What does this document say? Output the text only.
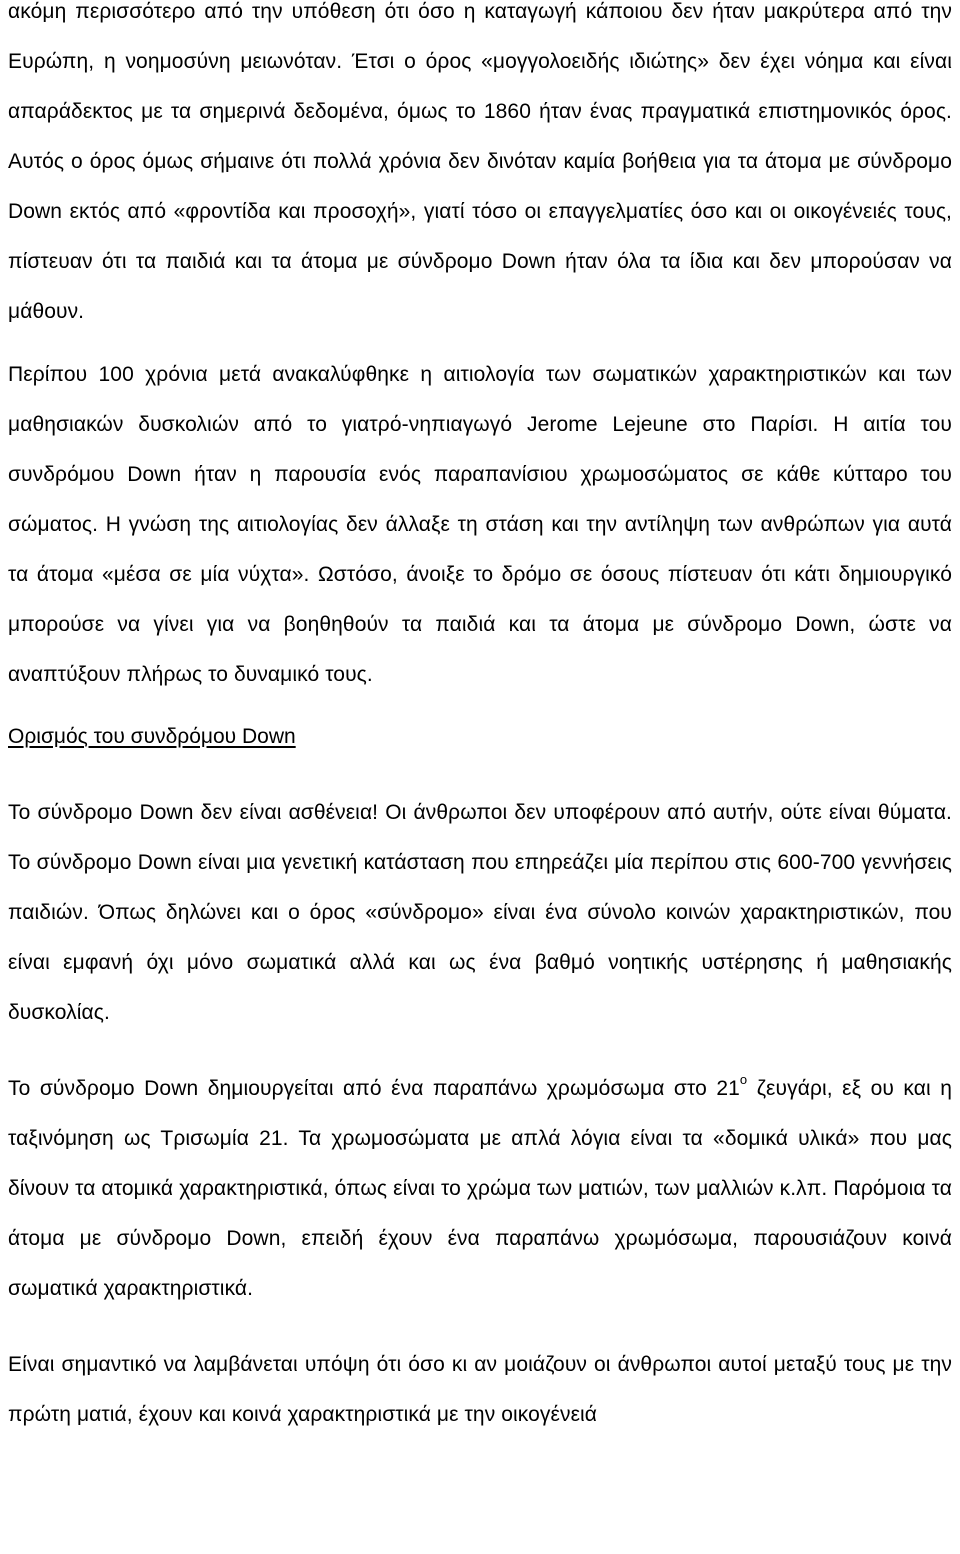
ακόμη περισσότερο από την υπόθεση ότι όσο η καταγωγή κάποιου δεν ήταν μακρύτερα από την Ευρώπη, η νοημοσύνη μειωνόταν. Έτσι ο όρος «μογγολοειδής ιδιώτης» δεν έχει νόημα και είναι απαράδεκτος με τα σημερινά δεδομένα, όμως το 1860 ήταν ένας πραγματικά επιστημονικός όρος. Αυτός ο όρος όμως σήμαινε ότι πολλά χρόνια δεν δινόταν καμία βοήθεια για τα άτομα με σύνδρομο Down εκτός από «φροντίδα και προσοχή», γιατί τόσο οι επαγγελματίες όσο και οι οικογένειές τους, πίστευαν ότι τα παιδιά και τα άτομα με σύνδρομο Down ήταν όλα τα ίδια και δεν μπορούσαν να μάθουν.

Περίπου 100 χρόνια μετά ανακαλύφθηκε η αιτιολογία των σωματικών χαρακτηριστικών και των μαθησιακών δυσκολιών από το γιατρό-νηπιαγωγό Jerome Lejeune στο Παρίσι. Η αιτία του συνδρόμου Down ήταν η παρουσία ενός παραπανίσιου χρωμοσώματος σε κάθε κύτταρο του σώματος. Η γνώση της αιτιολογίας δεν άλλαξε τη στάση και την αντίληψη των ανθρώπων για αυτά τα άτομα «μέσα σε μία νύχτα». Ωστόσο, άνοιξε το δρόμο σε όσους πίστευαν ότι κάτι δημιουργικό μπορούσε να γίνει για να βοηθηθούν τα παιδιά και τα άτομα με σύνδρομο Down, ώστε να αναπτύξουν πλήρως το δυναμικό τους.

Ορισμός του συνδρόμου Down

Το σύνδρομο Down δεν είναι ασθένεια! Οι άνθρωποι δεν υποφέρουν από αυτήν, ούτε είναι θύματα. Το σύνδρομο Down είναι μια γενετική κατάσταση που επηρεάζει μία περίπου στις 600-700 γεννήσεις παιδιών. Όπως δηλώνει και ο όρος «σύνδρομο» είναι ένα σύνολο κοινών χαρακτηριστικών, που είναι εμφανή όχι μόνο σωματικά αλλά και ως ένα βαθμό νοητικής υστέρησης ή μαθησιακής δυσκολίας.

Το σύνδρομο Down δημιουργείται από ένα παραπάνω χρωμόσωμα στο $21^o$ ζευγάρι, εξ ου και η ταξινόμηση ως Τρισωμία 21. Τα χρωμοσώματα με απλά λόγια είναι τα «δομικά υλικά» που μας δίνουν τα ατομικά χαρακτηριστικά, όπως είναι το χρώμα των ματιών, των μαλλιών κ.λπ. Παρόμοια τα άτομα με σύνδρομο Down, επειδή έχουν ένα παραπάνω χρωμόσωμα, παρουσιάζουν κοινά σωματικά χαρακτηριστικά.

Είναι σημαντικό να λαμβάνεται υπόψη ότι όσο κι αν μοιάζουν οι άνθρωποι αυτοί μεταξύ τους με την πρώτη ματιά, έχουν και κοινά χαρακτηριστικά με την οικογένειά
